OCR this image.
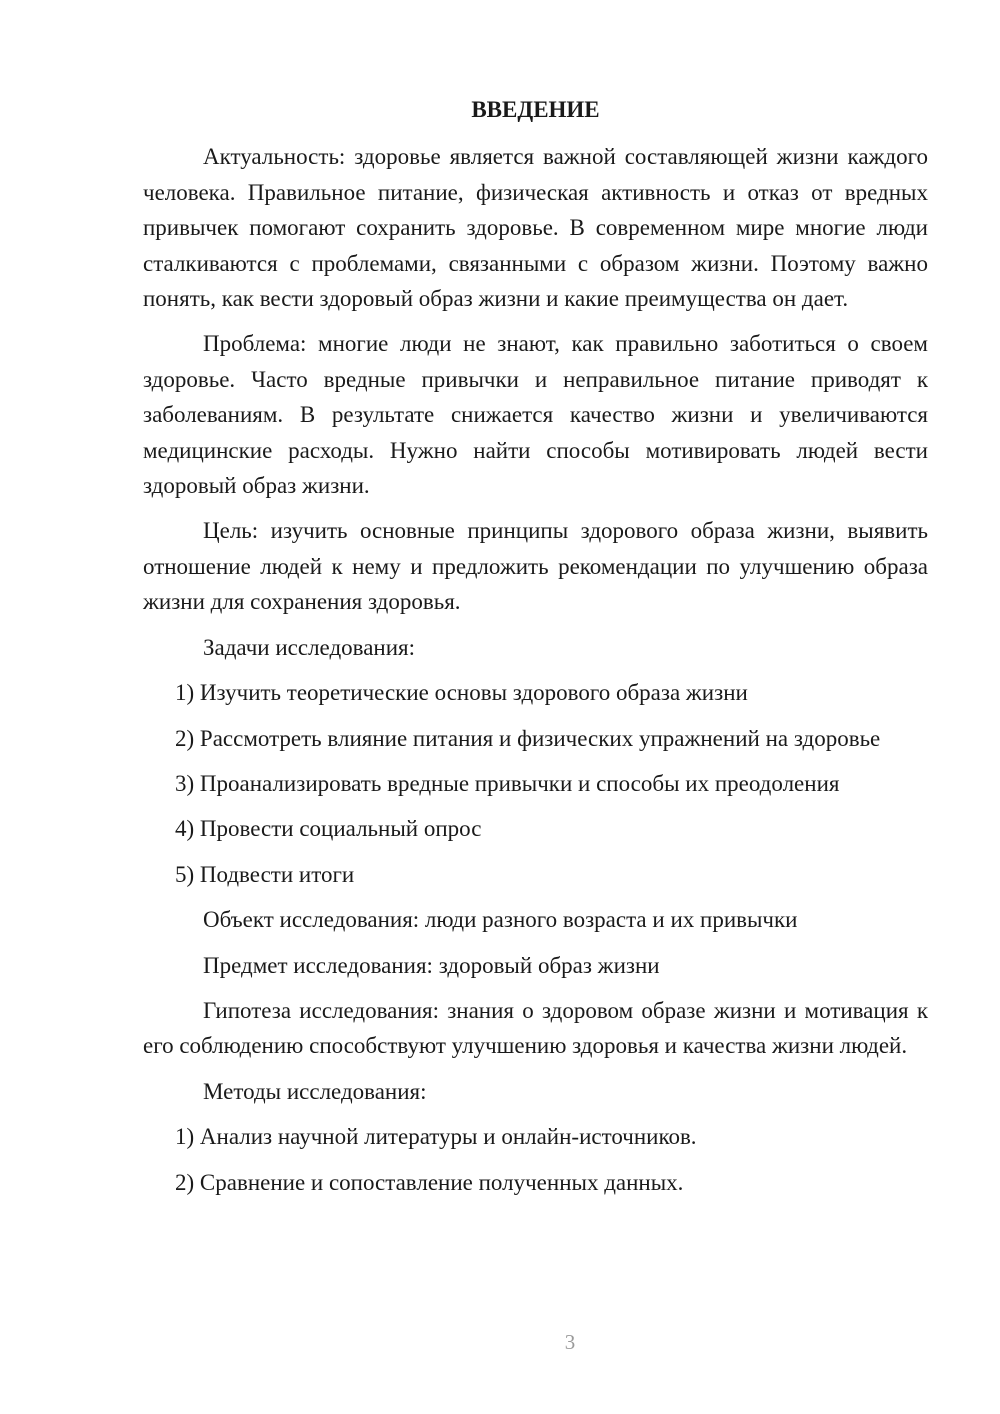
ВВЕДЕНИЕ

Актуальность: здоровье является важной составляющей жизни каждого человека. Правильное питание, физическая активность и отказ от вредных привычек помогают сохранить здоровье. В современном мире многие люди сталкиваются с проблемами, связанными с образом жизни. Поэтому важно понять, как вести здоровый образ жизни и какие преимущества он дает.

Проблема: многие люди не знают, как правильно заботиться о своем здоровье. Часто вредные привычки и неправильное питание приводят к заболеваниям. В результате снижается качество жизни и увеличиваются медицинские расходы. Нужно найти способы мотивировать людей вести здоровый образ жизни.

Цель: изучить основные принципы здорового образа жизни, выявить отношение людей к нему и предложить рекомендации по улучшению образа жизни для сохранения здоровья.

Задачи исследования:

1) Изучить теоретические основы здорового образа жизни

2) Рассмотреть влияние питания и физических упражнений на здоровье

3) Проанализировать вредные привычки и способы их преодоления

4) Провести социальный опрос

5) Подвести итоги

Объект исследования: люди разного возраста и их привычки

Предмет исследования: здоровый образ жизни

Гипотеза исследования: знания о здоровом образе жизни и мотивация к его соблюдению способствуют улучшению здоровья и качества жизни людей.

Методы исследования:

1) Анализ научной литературы и онлайн-источников.

2) Сравнение и сопоставление полученных данных.

3
